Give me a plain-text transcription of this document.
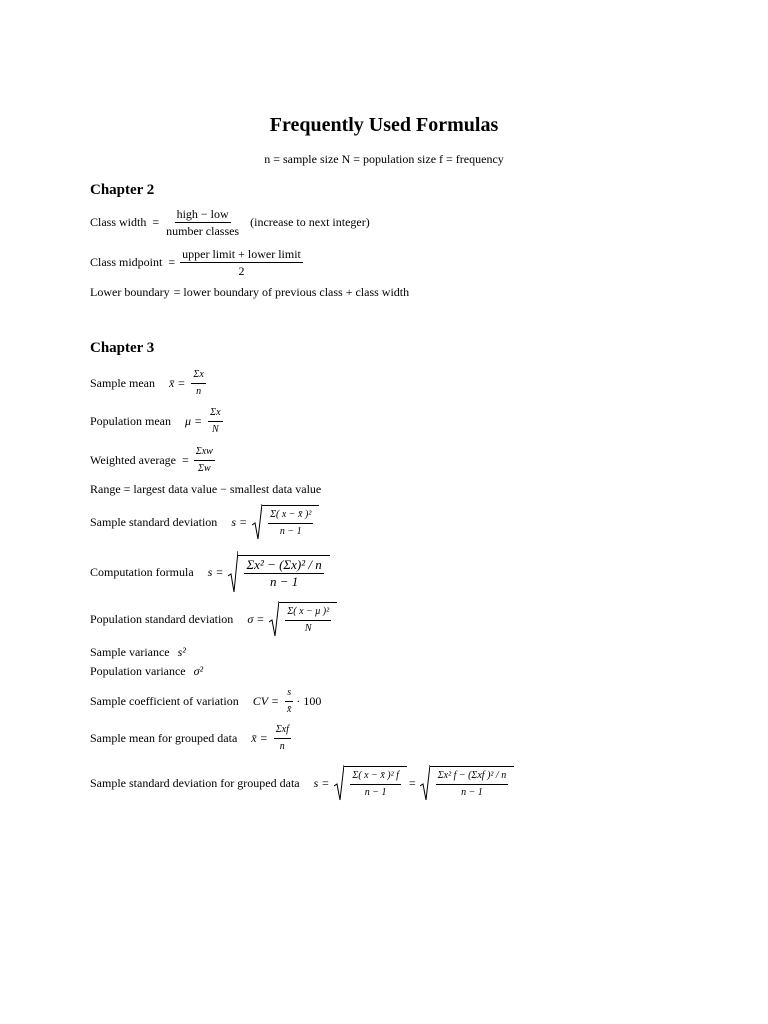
Frequently Used Formulas
n = sample size N = population size f = frequency
Chapter 2
Class width = $\frac{\text{high − low}}{\text{number classes}}$ (increase to next integer)
Class midpoint = $\frac{\text{upper limit + lower limit}}{2}$
Lower boundary = lower boundary of previous class + class width
Chapter 3
Sample mean x̄ = $\frac{\Sigma x}{n}$
Population mean $\mu = \frac{\Sigma x}{N}$
Weighted average = $\frac{\text{Σxw}}{\Sigma w}$
Range = largest data value − smallest data value
Sample standard deviation $s = \frac{\text{Σ( x − x̄ )²}}{n - 1}$
Computation formula $s = \frac{\text{Σx² − (Σx)² / n}}{n - 1}$
Population standard deviation $\sigma = \frac{\text{Σ( x − μ )²}}{N}$
Sample variance s²
Population variance σ²
Sample coefficient of variation CV = $\frac{s}{x̄} \cdot 100$
Sample mean for grouped data x̄ = $\frac{\text{Σxf}}{n}$
Sample standard deviation for grouped data $s = \frac{\text{Σ( x − x̄ )² f}}{n - 1} = \frac{\text{Σx² f − (Σxf )² / n}}{n - 1}$
